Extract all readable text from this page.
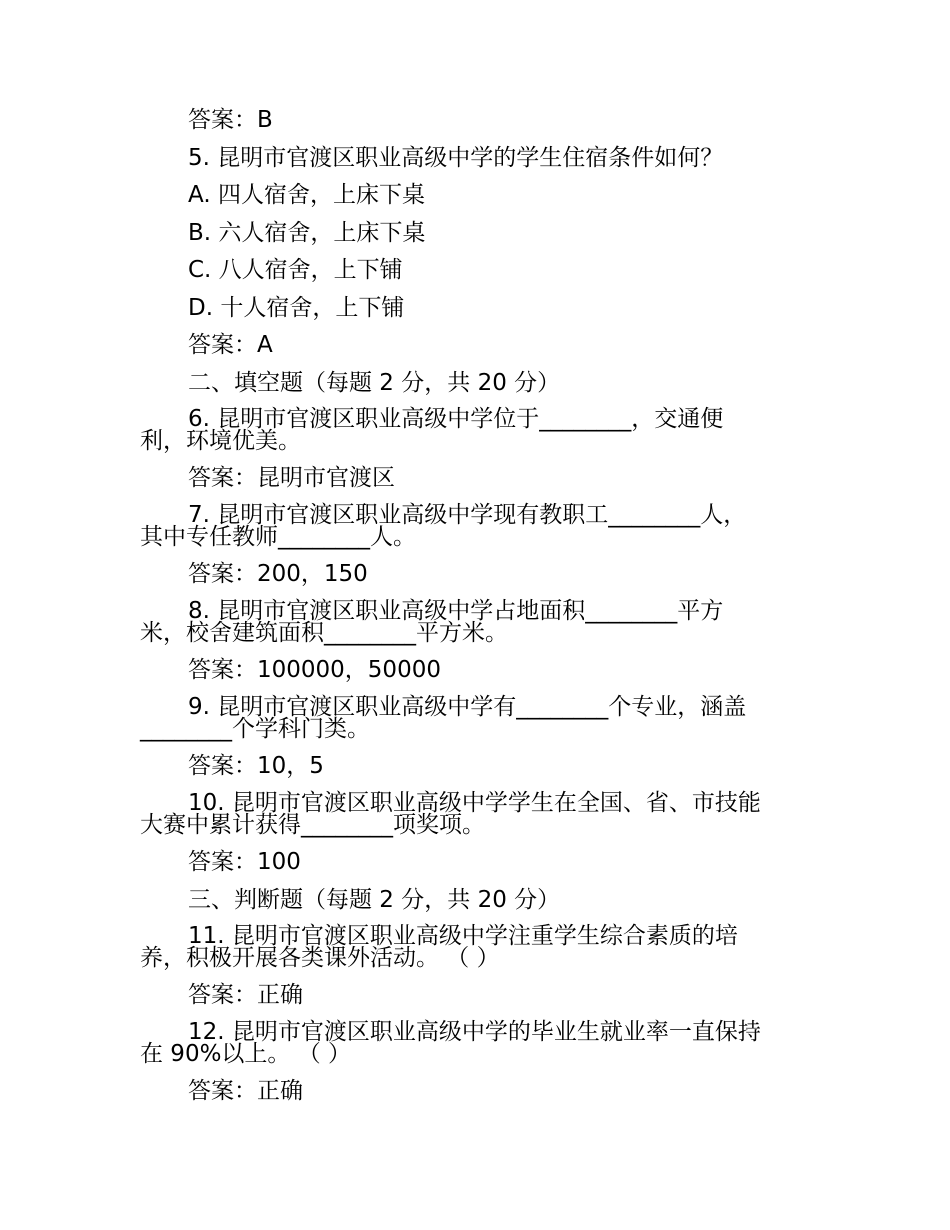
答案：B
5. 昆明市官渡区职业高级中学的学生住宿条件如何？
A. 四人宿舍，上床下桌
B. 六人宿舍，上床下桌
C. 八人宿舍，上下铺
D. 十人宿舍，上下铺
答案：A
二、填空题（每题 2 分，共 20 分）
6. 昆明市官渡区职业高级中学位于________，交通便
利，环境优美。
答案：昆明市官渡区
7. 昆明市官渡区职业高级中学现有教职工________人，
其中专任教师________人。
答案：200，150
8. 昆明市官渡区职业高级中学占地面积________平方
米，校舍建筑面积________平方米。
答案：100000，50000
9. 昆明市官渡区职业高级中学有________个专业，涵盖
________个学科门类。
答案：10，5
10. 昆明市官渡区职业高级中学学生在全国、省、市技能
大赛中累计获得________项奖项。
答案：100
三、判断题（每题 2 分，共 20 分）
11. 昆明市官渡区职业高级中学注重学生综合素质的培
养，积极开展各类课外活动。 （ ）
答案：正确
12. 昆明市官渡区职业高级中学的毕业生就业率一直保持
在 90%以上。 （ ）
答案：正确
